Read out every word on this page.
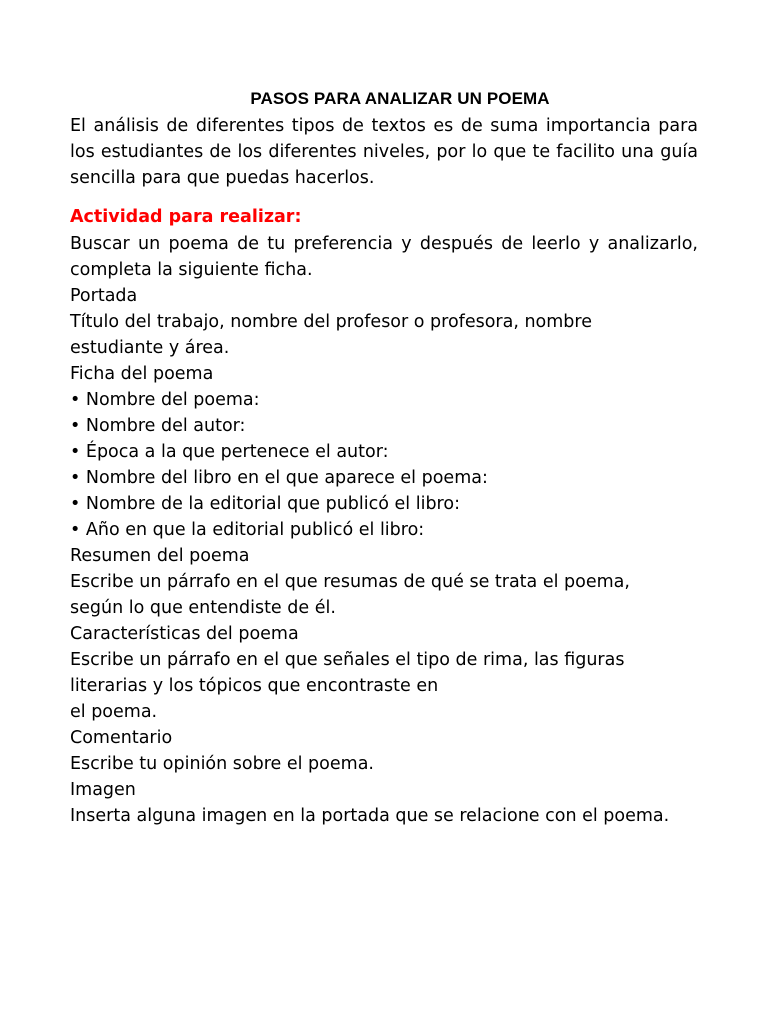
PASOS PARA ANALIZAR UN POEMA

El análisis de diferentes tipos de textos es de suma importancia para

los estudiantes de los diferentes niveles, por lo que te facilito una guía

sencilla para que puedas hacerlos.

Actividad para realizar:

Buscar un poema de tu preferencia y después de leerlo y analizarlo,

completa la siguiente ficha.

Portada

Título del trabajo, nombre del profesor o profesora, nombre

estudiante y área.

Ficha del poema

• Nombre del poema:

• Nombre del autor:

• Época a la que pertenece el autor:

• Nombre del libro en el que aparece el poema:

• Nombre de la editorial que publicó el libro:

• Año en que la editorial publicó el libro:

Resumen del poema

Escribe un párrafo en el que resumas de qué se trata el poema,

según lo que entendiste de él.

Características del poema

Escribe un párrafo en el que señales el tipo de rima, las figuras

literarias y los tópicos que encontraste en

el poema.

Comentario

Escribe tu opinión sobre el poema.

Imagen

Inserta alguna imagen en la portada que se relacione con el poema.
